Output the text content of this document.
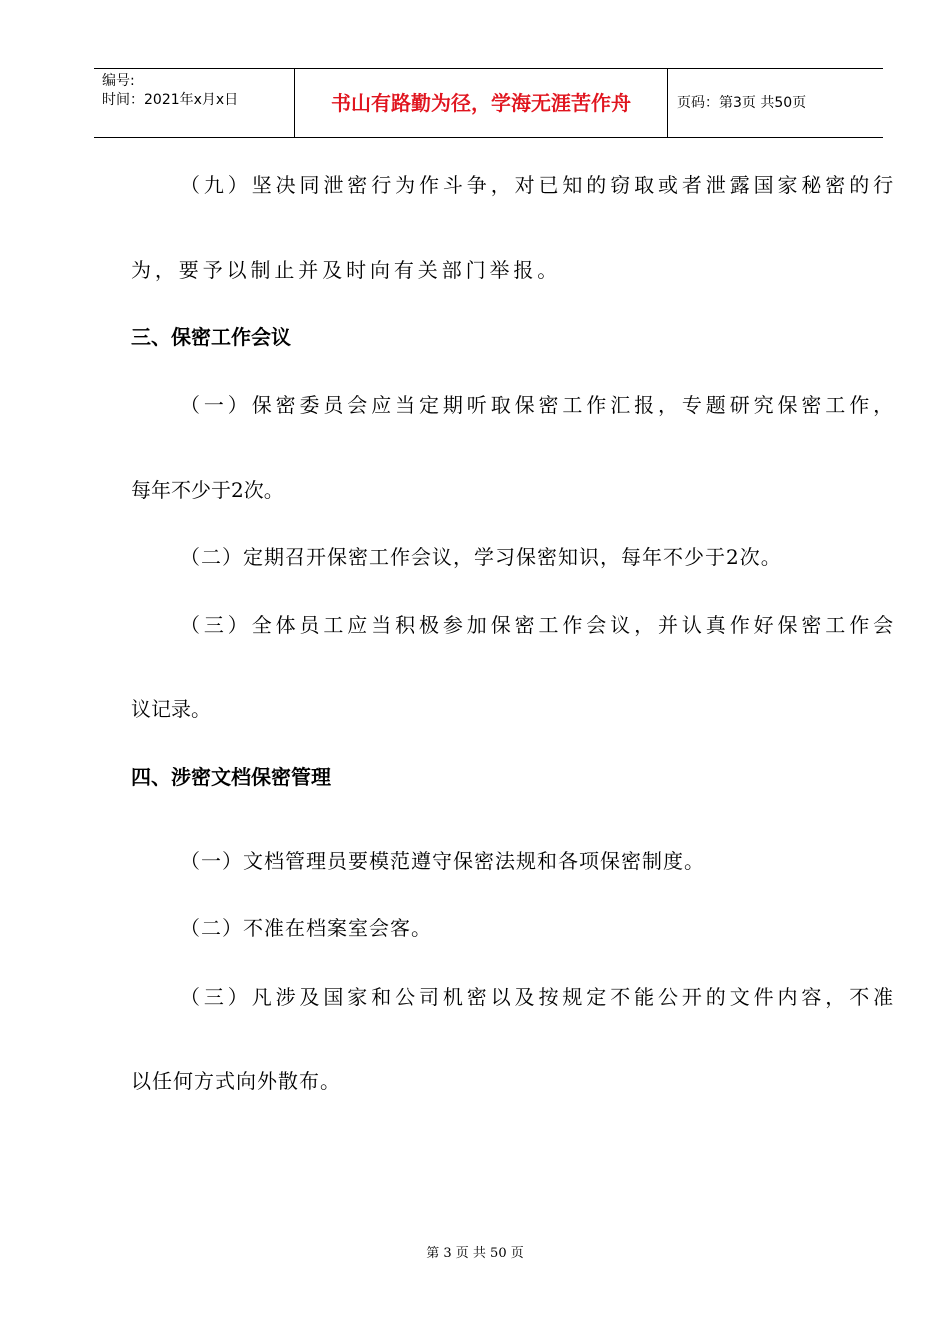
编号:
时间：2021年x月x日	书山有路勤为径，学海无涯苦作舟	页码：第3页 共50页
（九）坚决同泄密行为作斗争，对已知的窃取或者泄露国家秘密的行
为，要予以制止并及时向有关部门举报。
三、保密工作会议
（一）保密委员会应当定期听取保密工作汇报，专题研究保密工作，
每年不少于2次。
（二）定期召开保密工作会议，学习保密知识，每年不少于2次。
（三）全体员工应当积极参加保密工作会议，并认真作好保密工作会
议记录。
四、涉密文档保密管理
（一）文档管理员要模范遵守保密法规和各项保密制度。
（二）不准在档案室会客。
（三）凡涉及国家和公司机密以及按规定不能公开的文件内容，不准
以任何方式向外散布。
第 3 页 共 50 页
